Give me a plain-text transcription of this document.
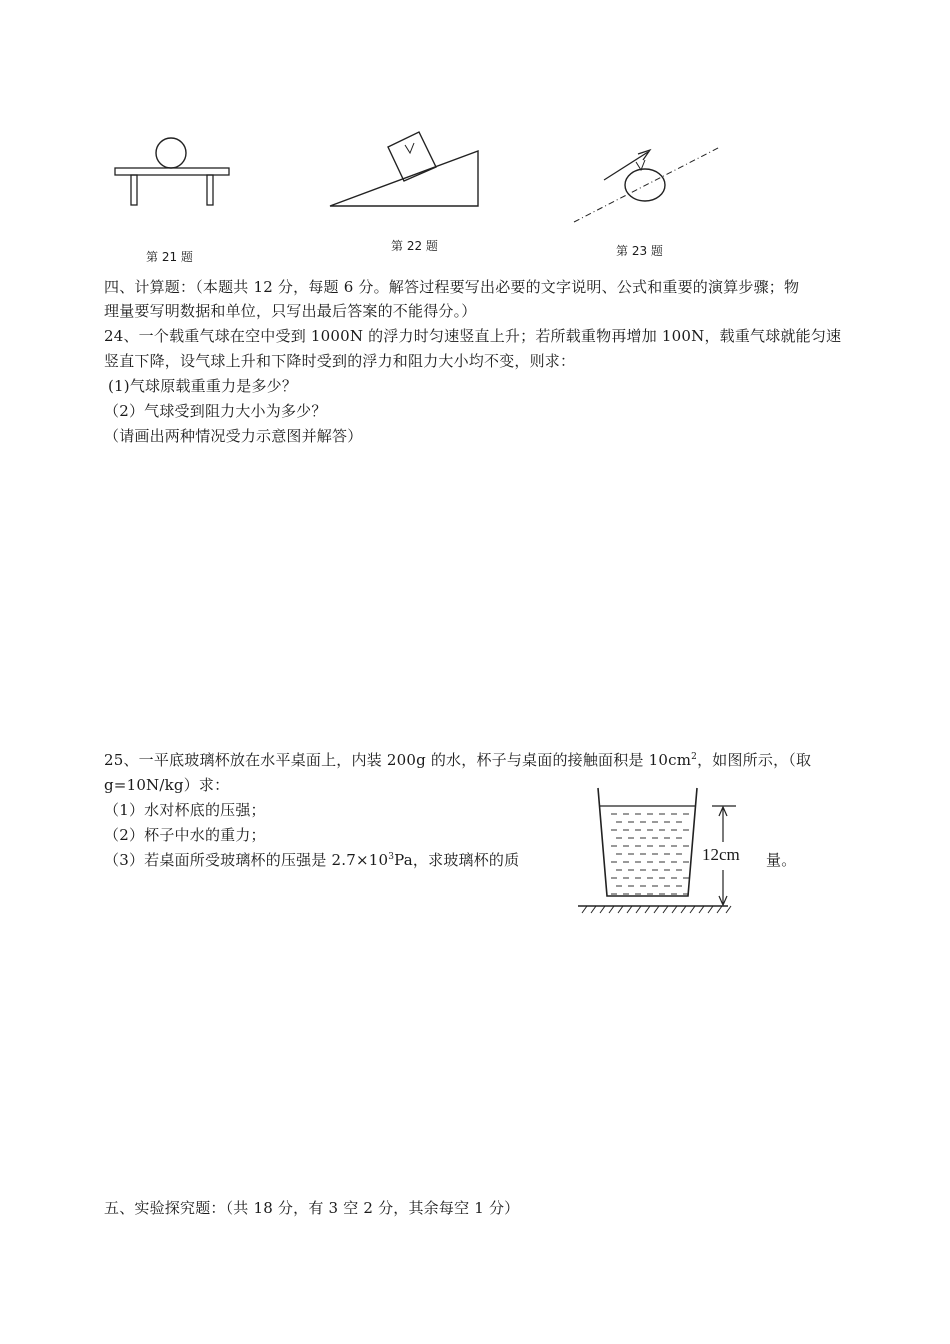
第 21 题
第 22 题	第 23 题
四、计算题：（本题共 12 分，每题 6 分。解答过程要写出必要的文字说明、公式和重要的演算步骤；物
理量要写明数据和单位，只写出最后答案的不能得分。）
24、一个载重气球在空中受到 1000N 的浮力时匀速竖直上升；若所载重物再增加 100N，载重气球就能匀速
竖直下降，设气球上升和下降时受到的浮力和阻力大小均不变，则求：
(1)气球原载重重力是多少？
（2）气球受到阻力大小为多少？
（请画出两种情况受力示意图并解答）
25、一平底玻璃杯放在水平桌面上，内装 200g 的水，杯子与桌面的接触面积是 $10cm^2$，如图所示，（取
g=10N/kg）求：
（1）水对杯底的压强；
（2）杯子中水的重力；
（3）若桌面所受玻璃杯的压强是 $2.7\times 10^3Pa$，求玻璃杯的质	量。
12cm
五、实验探究题：（共 18 分，有 3 空 2 分，其余每空 1 分）
